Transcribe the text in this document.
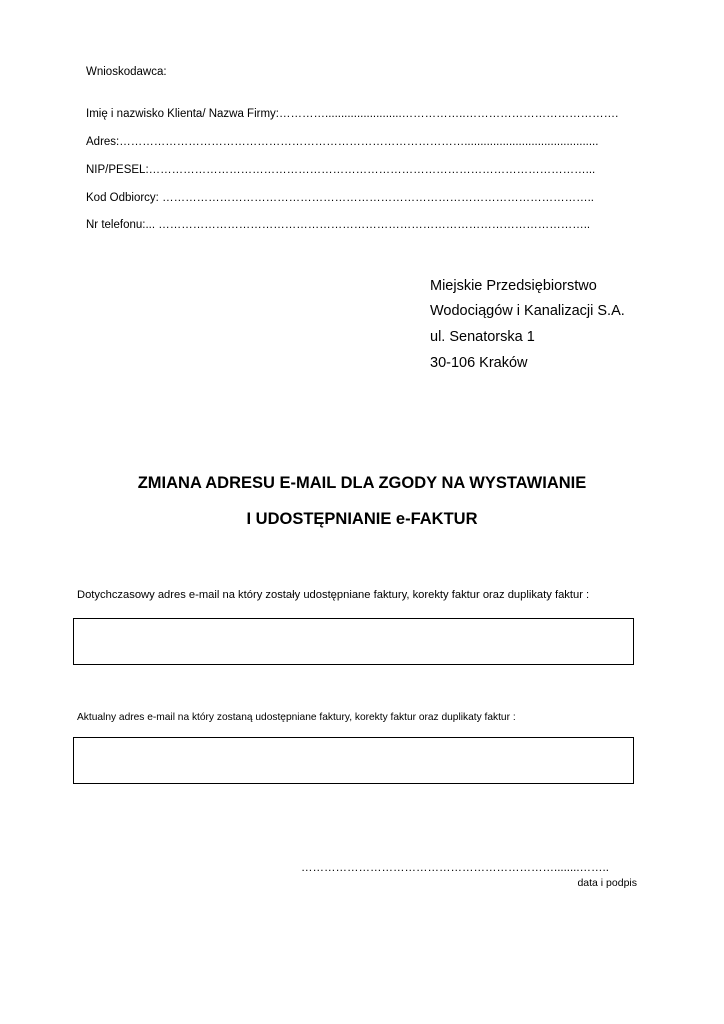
Wnioskodawca:
Imię i nazwisko Klienta/ Nazwa Firmy:…………........................……………..………………………………….
Adres:………………………………………………………………………………..........................................
NIP/PESEL:……………………………………………………………………………………………………...
Kod Odbiorcy: …………………………………………………………………………………………………..
Nr telefonu:... …………………………………………………………………………………………………..
Miejskie Przedsiębiorstwo
Wodociągów i Kanalizacji S.A.
ul. Senatorska 1
30-106 Kraków
ZMIANA ADRESU E-MAIL DLA ZGODY NA WYSTAWIANIE
I UDOSTĘPNIANIE e-FAKTUR
Dotychczasowy adres e-mail na który zostały udostępniane faktury, korekty faktur oraz duplikaty faktur :
Aktualny adres e-mail na który zostaną udostępniane faktury, korekty faktur oraz duplikaty faktur :
…………………………………………………………........……..
data i podpis
